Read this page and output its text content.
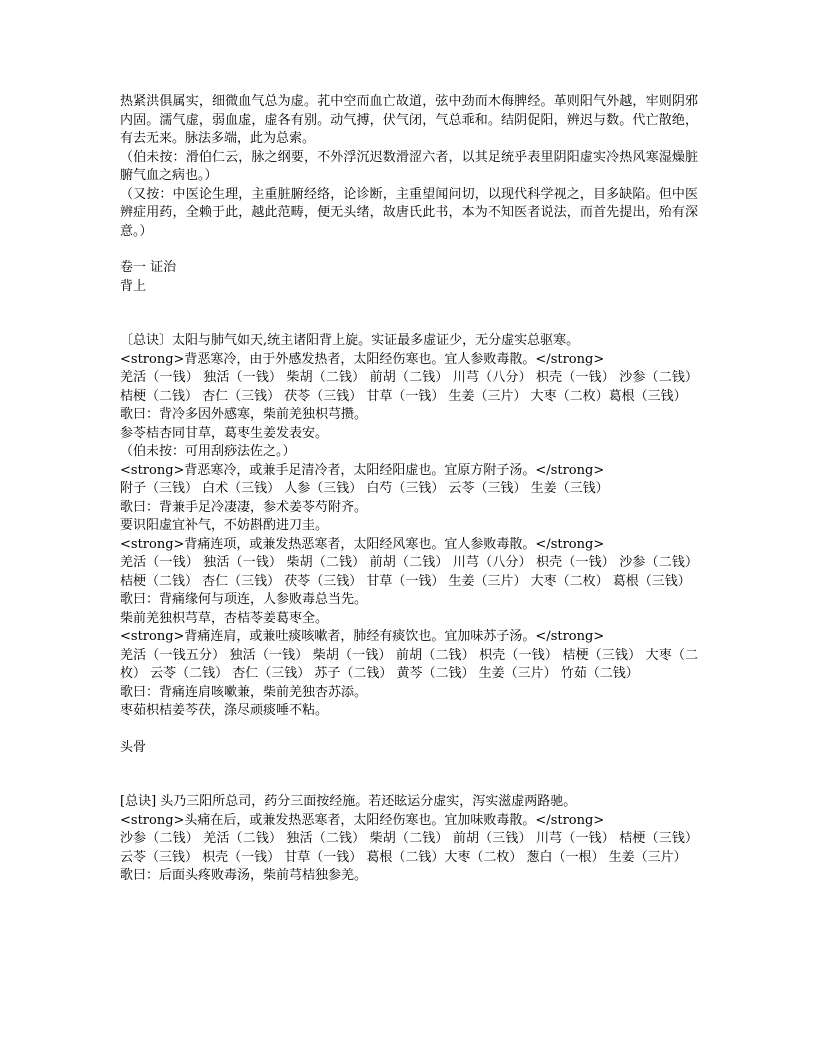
热紧洪俱属实，细微血气总为虚。芤中空而血亡故道，弦中劲而木侮脾经。革则阳气外越，牢则阴邪内固。濡气虚，弱血虚，虚各有别。动气搏，伏气闭，气总乖和。结阴促阳，辨迟与数。代亡散绝，有去无来。脉法多端，此为总索。

（伯未按：滑伯仁云，脉之纲要，不外浮沉迟数滑涩六者，以其足统乎表里阴阳虚实冷热风寒湿燥脏腑气血之病也。）

（又按：中医论生理，主重脏腑经络，论诊断，主重望闻问切，以现代科学视之，目多缺陷。但中医辨症用药，全赖于此，越此范畴，便无头绪，故唐氏此书，本为不知医者说法，而首先提出，殆有深意。）

卷一 证治

背上

〔总诀〕太阳与肺气如天,统主诸阳背上旋。实证最多虚证少，无分虚实总驱寒。

<strong>背恶寒冷，由于外感发热者，太阳经伤寒也。宜人参败毒散。</strong>

羌活（一钱） 独活（一钱） 柴胡（二钱） 前胡（二钱） 川芎（八分） 枳壳（一钱） 沙参（二钱） 桔梗（二钱） 杏仁（三钱） 茯苓（三钱） 甘草（一钱） 生姜（三片） 大枣（二枚）葛根（三钱）

歌曰：背冷多因外感寒，柴前羌独枳芎攒。

参苓桔杏同甘草，葛枣生姜发表安。

（伯未按：可用刮痧法佐之。）

<strong>背恶寒冷，或兼手足清冷者，太阳经阳虚也。宜原方附子汤。</strong>

附子（三钱） 白术（三钱） 人参（三钱） 白芍（三钱） 云苓（三钱） 生姜（三钱）

歌曰：背兼手足冷凄凄，参术姜苓芍附齐。

要识阳虚宜补气，不妨斟酌进刀圭。

<strong>背痛连项，或兼发热恶寒者，太阳经风寒也。宜人参败毒散。</strong>

羌活（一钱） 独活（一钱） 柴胡（二钱） 前胡（二钱） 川芎（八分） 枳壳（一钱） 沙参（二钱） 桔梗（二钱） 杏仁（三钱） 茯苓（三钱） 甘草（一钱） 生姜（三片） 大枣（二枚） 葛根（三钱）

歌曰：背痛缘何与项连，人参败毒总当先。

柴前羌独枳芎草，杏桔苓姜葛枣全。

<strong>背痛连肩，或兼吐痰咳嗽者，肺经有痰饮也。宜加味苏子汤。</strong>

羌活（一钱五分） 独活（一钱） 柴胡（一钱） 前胡（二钱） 枳壳（一钱） 桔梗（三钱） 大枣（二枚） 云苓（二钱） 杏仁（三钱） 苏子（二钱） 黄芩（二钱） 生姜（三片） 竹茹（二钱）

歌曰：背痛连肩咳嗽兼，柴前羌独杏苏添。

枣茹枳桔姜芩茯，涤尽顽痰唾不粘。

头骨

[总诀] 头乃三阳所总司，药分三面按经施。若还眩运分虚实，泻实滋虚两路驰。

<strong>头痛在后，或兼发热恶寒者，太阳经伤寒也。宜加味败毒散。</strong>

沙参（二钱） 羌活（二钱） 独活（二钱） 柴胡（二钱） 前胡（三钱） 川芎（一钱） 桔梗（三钱） 云苓（三钱） 枳壳（一钱） 甘草（一钱） 葛根（二钱）大枣（二枚） 葱白（一根） 生姜（三片）

歌曰：后面头疼败毒汤，柴前芎桔独参羌。
